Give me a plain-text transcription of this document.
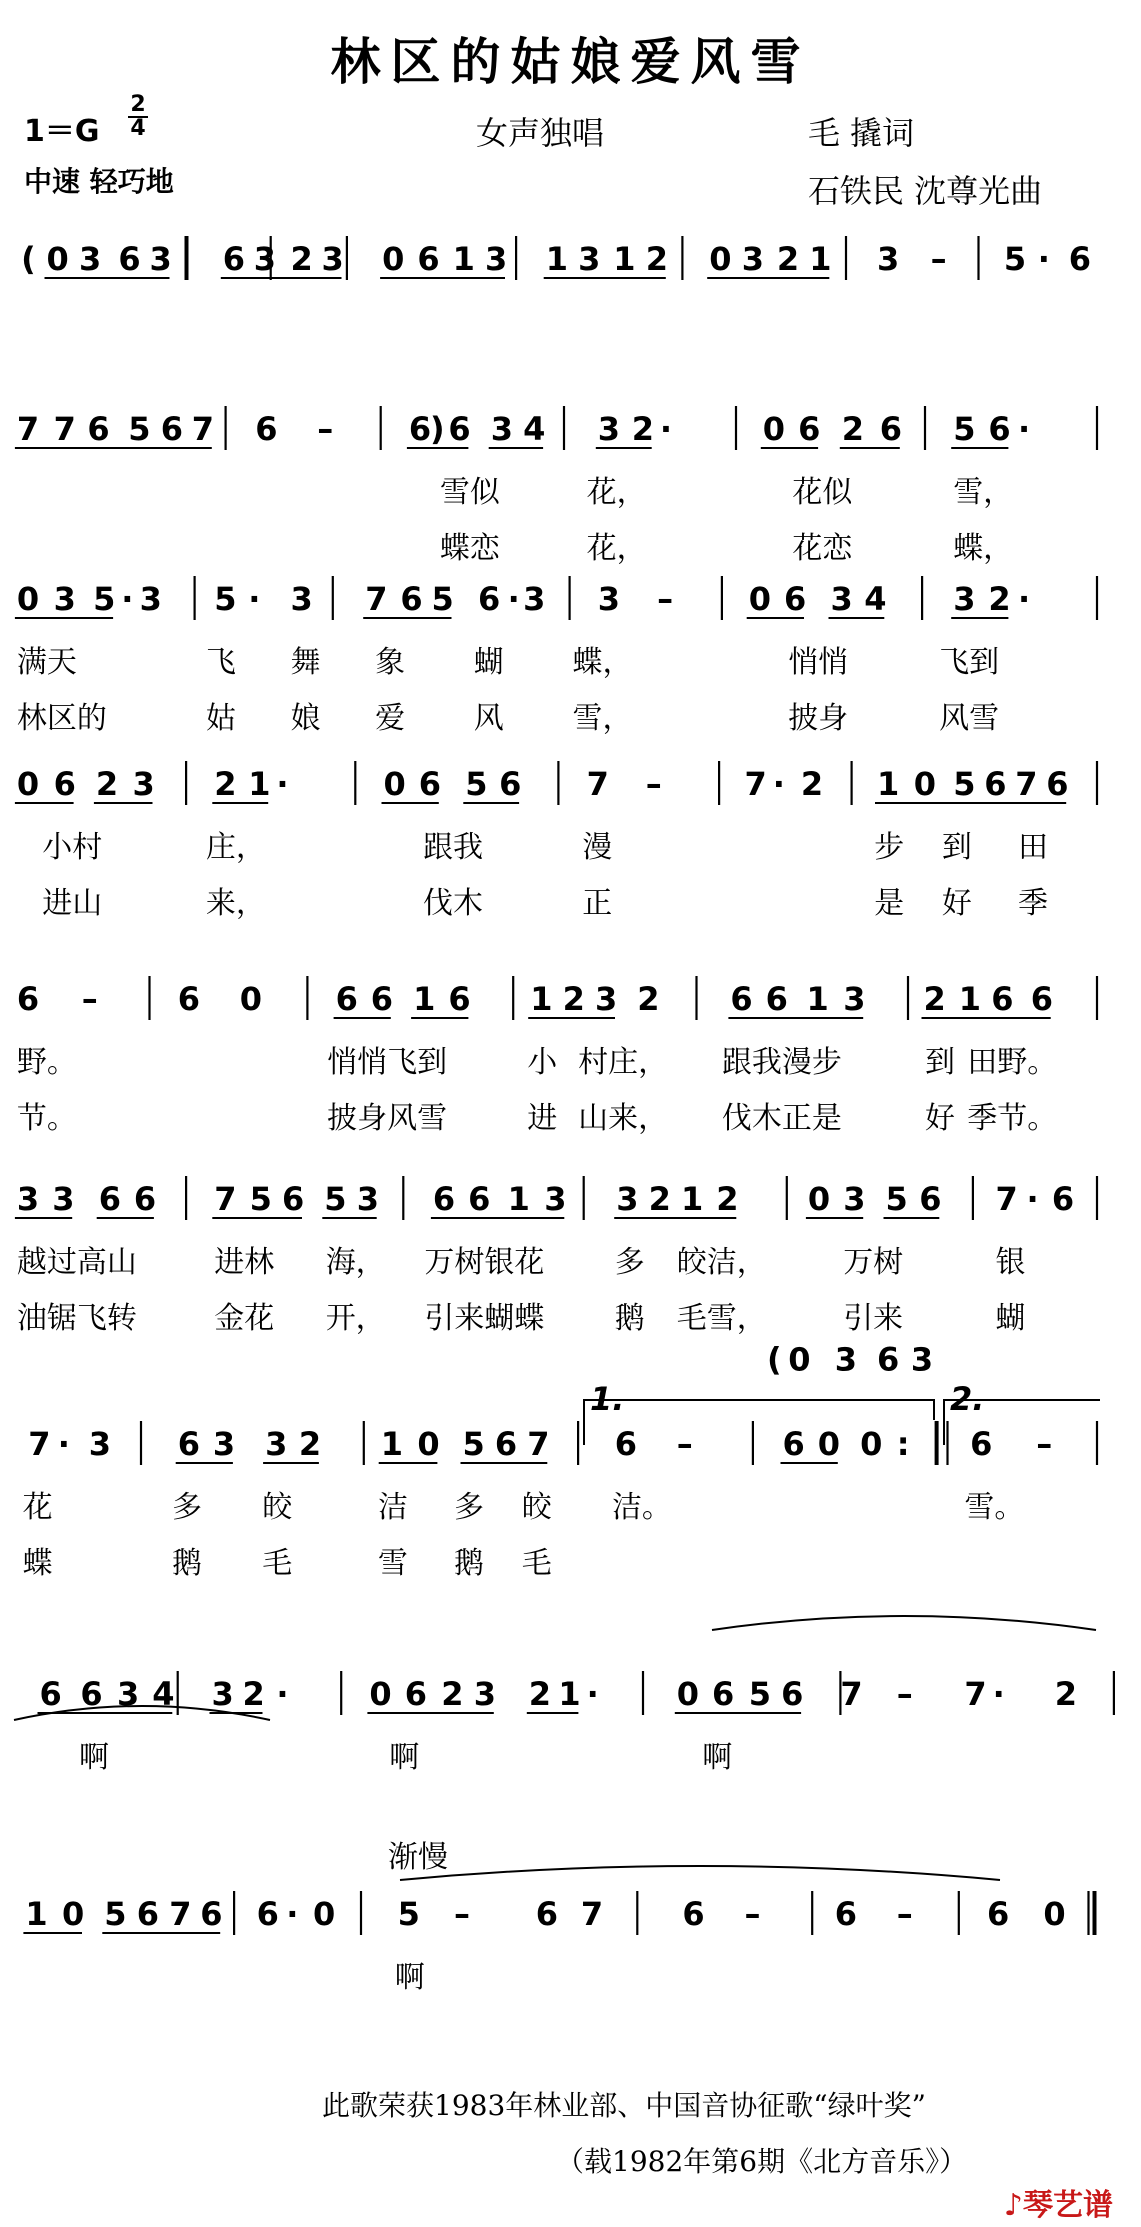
林区的姑娘爱风雪
$1=G \frac{2}{4}$
中速 轻巧地
女声独唱	毛 撬词
石铁民 沈尊光曲
( 0 3 6 3 6 3 2 3 0 6 1 3 1 3 1 2 0 3 2 1 3 – 5 · 6
7 7 6 5 6 7 6 – 6
) 6 3 4 3 2 ·	0 6 2 6 5 6 ·
雪似	花，	花似	雪，
蝶恋	花，	花恋	蝶，
0 3 5 · 3 5 · 3 7 6 5 6 · 3 3 – 0 6 3 4 3 2 ·
满天	飞 舞 象 蝴 蝶，	悄悄	飞到
林区的	姑 娘 爱 风 雪，	披身	风雪
0 6 2 3 2 1 ·	0 6 5 6 7 –	7 · 2 1 0 5 6 7 6
小村	庄，	跟我	漫	步 到 田
进山	来，	伐木	正	是 好 季
6 – 6 0 6 6 1 6 1 2 3 2 6 6 1 3 2 1 6 6
野。	悄悄飞到	小 村庄， 跟我漫步	到 田野。
节。	披身风雪	进 山来， 伐木正是	好 季节。
3 3 6 6 7 5 6 5 3 6 6 1 3 3 2 1 2 0 3 5 6 7 · 6
越过高山	进林 海， 万树银花 多 皎洁，	万树	银
油锯飞转	金花 开， 引来蝴蝶 鹅 毛雪，	引来	蝴
7 · 3 6 3 3 2 1 0 5 6 7 6 –	6 0 0 : 6 –
( 0 3 6 3
花	多 皎	洁 多 皎 洁。	雪。
蝶	鹅 毛	雪 鹅 毛
6 6 3 4 3 2 ·	0 6 2 3 2 1 · 0 6 5 6 7 – 7 · 2
啊	啊	啊
1 0 5 6 7 6 6 · 0 5 – 6 7 6 – 6 – 6 0
啊
1.	2.
渐慢
此歌荣获1983年林业部、中国音协征歌“绿叶奖”
（载1982年第6期《北方音乐》）
♪琴艺谱
